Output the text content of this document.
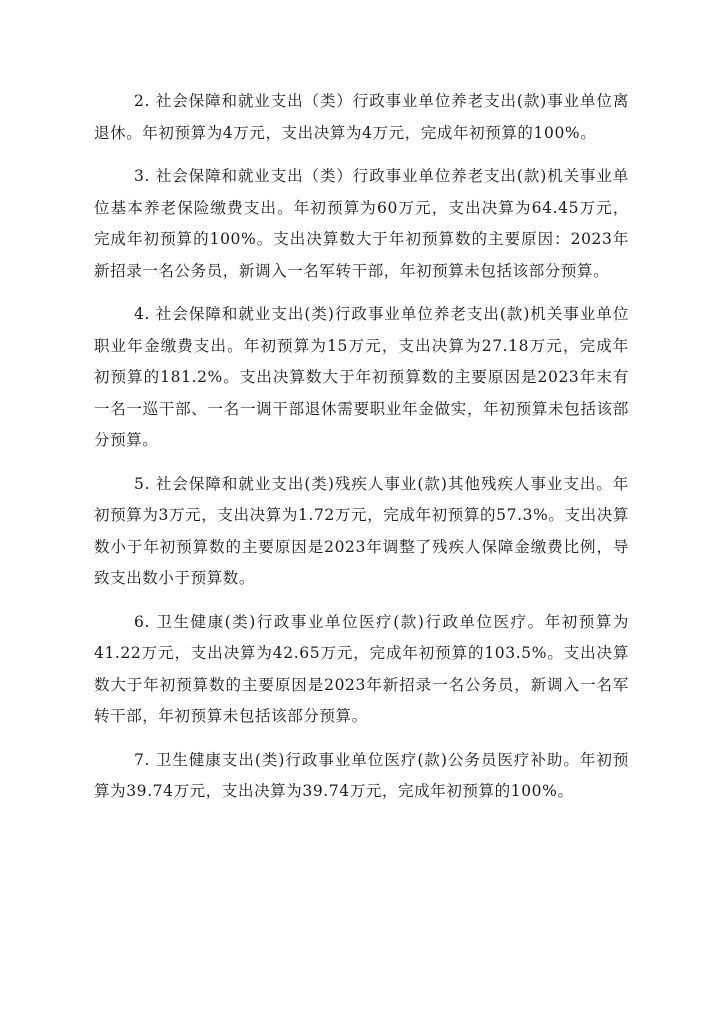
2. 社会保障和就业支出（类）行政事业单位养老支出(款)事业单位离退休。年初预算为4万元，支出决算为4万元，完成年初预算的100%。

3. 社会保障和就业支出（类）行政事业单位养老支出(款)机关事业单位基本养老保险缴费支出。年初预算为60万元，支出决算为64.45万元，完成年初预算的100%。支出决算数大于年初预算数的主要原因：2023年新招录一名公务员，新调入一名军转干部，年初预算未包括该部分预算。

4. 社会保障和就业支出(类)行政事业单位养老支出(款)机关事业单位职业年金缴费支出。年初预算为15万元，支出决算为27.18万元，完成年初预算的181.2%。支出决算数大于年初预算数的主要原因是2023年末有一名一巡干部、一名一调干部退休需要职业年金做实，年初预算未包括该部分预算。

5. 社会保障和就业支出(类)残疾人事业(款)其他残疾人事业支出。年初预算为3万元，支出决算为1.72万元，完成年初预算的57.3%。支出决算数小于年初预算数的主要原因是2023年调整了残疾人保障金缴费比例，导致支出数小于预算数。

6. 卫生健康(类)行政事业单位医疗(款)行政单位医疗。年初预算为41.22万元，支出决算为42.65万元，完成年初预算的103.5%。支出决算数大于年初预算数的主要原因是2023年新招录一名公务员，新调入一名军转干部，年初预算未包括该部分预算。

7. 卫生健康支出(类)行政事业单位医疗(款)公务员医疗补助。年初预算为39.74万元，支出决算为39.74万元，完成年初预算的100%。
